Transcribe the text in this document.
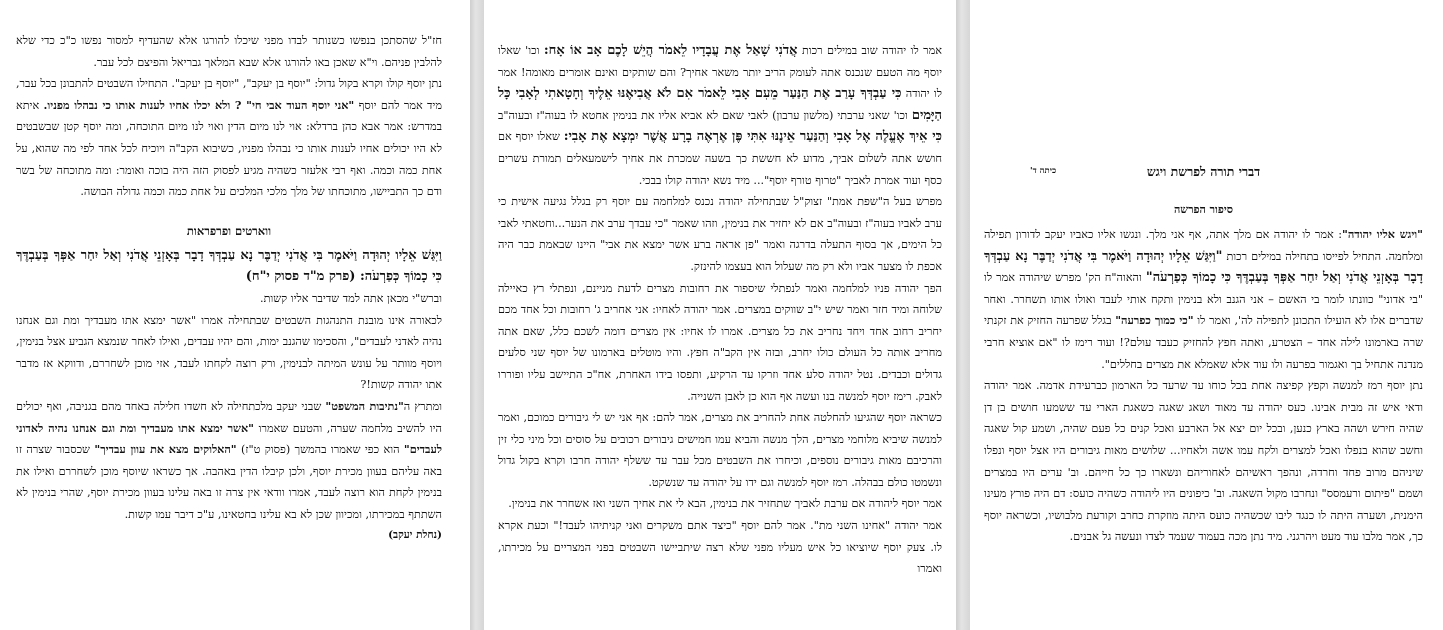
חז"ל שהסתכן בנפשו כשנותר לבדו מפני שיכלו להורגו אלא שהעדיף למסור נפשו כ"כ כדי שלא להלבין פניהם. וי"א שאכן באו להורגו אלא שבא המלאך גבריאל והפיצם לכל עבר.

נתן יוסף קולו וקרא בקול גדול: "יוסף בן יעקב", "יוסף בן יעקב". התחילו השבטים להתבונן בכל עבר, מיד אמר להם יוסף "אני יוסף העוד אבי חי" ? ולא יכלו אחיו לענות אותו כי נבהלו מפניו. איתא במדרש: אמר אבא כהן ברדלא: אוי לנו מיום הדין ואוי לנו מיום התוכחה, ומה יוסף קטן שבשבטים לא היו יכולים אחיו לענות אותו כי נבהלו מפניו, כשיבוא הקב"ה ויוכיח לכל אחד לפי מה שהוא, על אחת כמה וכמה. ואף רבי אלעזר כשהיה מגיע לפסוק הזה היה בוכה ואומר: ומה מתוכחה של בשר ודם כך התביישו, מתוכחתו של מלך מלכי המלכים על אחת כמה וכמה גדולה הבושה.

ווארטים ופרפראות

וַיִּגַּשׁ אֵלָיו יְהוּדָה וַיֹּאמֶר בִּי אֲדֹנִי יְדַבֶּר נָא עַבְדְּךָ דָבָר בְּאָזְנֵי אֲדֹנִי וְאַל יִחַר אַפְּךָ בְּעַבְדֶּךָ כִּי כָמוֹךָ כְּפַרְעֹה: (פרק מ"ד פסוק י"ח)

וברש"י מכאן אתה למד שדיבר אליו קשות.

לכאורה אינו מובנת התנהגות השבטים שבתחילה אמרו "אשר ימצא אתו מעבדיך ומת וגם אנחנו נהיה לאדני לעבדים", והסכימו שהגנב ימות, והם יהיו עבדים, ואילו לאחר שנמצא הגביע אצל בנימין, ויוסף מוותר על עונש המיתה לבנימין, ורק רוצה לקחתו לעבד, אזי מוכן לשחררם, ודווקא אז מדבר אתו יהודה קשות!?

ומתרץ ה"נתיבות המשפט" שבני יעקב מלכתחילה לא חשדו חלילה באחד מהם בגניבה, ואף יכולים היו להשיב מלחמה שערה, והטעם שאמרו "אשר ימצא אתו מעבדיך ומת וגם אנחנו נהיה לאדוני לעבדים" הוא כפי שאמרו בהמשך (פסוק ט"ז) "האלוקים מצא את עוון עבדיך" שכסבור שצרה זו באה עליהם בעוון מכירת יוסף, ולכן קיבלו הדין באהבה. אך כשראו שיוסף מוכן לשחררם ואילו את בנימין לקחת הוא רוצה לעבד, אמרו וודאי אין צרה זו באה עלינו בעוון מכירת יוסף, שהרי בנימין לא השתתף במכירתו, ומכיוון שכן לא בא עלינו בחטאינו, ע"כ דיבר עמו קשות.

(נחלת יעקב)

אמר לו יהודה שוב במילים רכות אֲדֹנִי שָׁאַל אֶת עֲבָדָיו לֵאמֹר הֲיֵשׁ לָכֶם אָב אוֹ אָח: וכו' שאלו יוסף מה הטעם שנכנס אתה לעומק הריב יותר משאר אחיך? והם שותקים ואינם אומרים מאומה! אמר לו יהודה כִּי עַבְדְּךָ עָרַב אֶת הַנַּעַר מֵעִם אָבִי לֵאמֹר אִם לֹא אֲבִיאֶנּוּ אֵלֶיךָ וְחָטָאתִי לְאָבִי כָּל הַיָּמִים וכו' שאני ערבתי (מלשון ערבון) לאבי שאם לא אביא אליו את בנימין אחטא לו בעוה"ז ובעוה"ב כִּי אֵיךְ אֶעֱלֶה אֶל אָבִי וְהַנַּעַר אֵינֶנּוּ אִתִּי פֶּן אֶרְאֶה בָרָע אֲשֶׁר יִמְצָא אֶת אָבִי: שאלו יוסף אם חושש אתה לשלום אביך, מדוע לא חששת כך בשעה שמכרת את אחיך לישמעאלים תמורת עשרים כסף ועוד אמרת לאביך "טרוף טורף יוסף"... מיד נשא יהודה קולו בבכי.

מפרש בעל ה"שפת אמת" זצוק"ל שבתחילה יהודה נכנס למלחמה עם יוסף רק בגלל נגיעה אישית כי ערב לאביו בעוה"ז ובעוה"ב אם לא יחזיר את בנימין, וזהו שאמר "כי עבדך ערב את הנער...וחטאתי לאבי כל הימים, אך בסוף התעלה בדרגה ואמר "פן אראה ברע אשר ימצא את אבי" היינו שבאמת כבר היה אכפת לו מצער אביו ולא רק מה שעלול הוא בעצמו להינזק.

הפך יהודה פניו למלחמה ואמר לנפתלי שיספור את רחובות מצרים לדעת מניינם, ונפתלי רץ כאיילה שלוחה ומיד חזר ואמר שיש י"ב שווקים במצרים. אמר יהודה לאחיו: אני אחריב ג' רחובות וכל אחד מכם יחריב רחוב אחד ויחד נחריב את כל מצרים. אמרו לו אחיו: אין מצרים דומה לשכם כלל, שאם אתה מחריב אותה כל העולם כולו יחרב, ובזה אין הקב"ה חפץ. והיו מוטלים בארמונו של יוסף שני סלעים גדולים וכבדים. נטל יהודה סלע אחד וזרקו עד הרקיע, ותפסו בידו האחרת, אח"כ התיישב עליו ופוררו לאבק. רימז יוסף למנשה בנו ועשה אף הוא כן לאבן השנייה.

כשראה יוסף שהגיעו להחלטה אחת להחריב את מצרים, אמר להם: אף אני יש לי גיבורים כמוכם, ואמר למנשה שיביא מלוחמי מצרים, הלך מנשה והביא עמו חמישים גיבורים רכובים על סוסים וכל מיני כלי זין והרכיבם מאות גיבורים נוספים, וכיחרו את השבטים מכל עבר עד ששלף יהודה חרבו וקרא בקול גדול ונשמטו כולם בבהלה. רמז יוסף למנשה וגם ידו על יהודה עד שנשקט.

אמר יוסף ליהודה אם ערבת לאביך שתחזיר את בנימין, הבא לי את אחיך השני ואז אשחרר את בנימין.

אמר יהודה "אחינו השני מת". אמר להם יוסף "כיצד אתם משקרים ואני קניתיהו לעבד!" וכעת אקרא לו. צעק יוסף שיוציאו כל איש מעליו מפני שלא רצה שיתביישו השבטים בפני המצריים על מכירתו, ואמרו

דברי תורה לפרשת ויגש
כיתה ד'
סיפור הפרשה

"ויגש אליו יהודה": אמר לו יהודה אם מלך אתה, אף אני מלך. ונגשו אליו כאביו יעקב לדורון תפילה ומלחמה. התחיל לפייסו בתחילה במילים רכות "וַיִּגַּשׁ אֵלָיו יְהוּדָה וַיֹּאמֶר בִּי אֲדֹנִי יְדַבֶּר נָא עַבְדְּךָ דָבָר בְּאָזְנֵי אֲדֹנִי וְאַל יִחַר אַפְּךָ בְּעַבְדֶּךָ כִּי כָמוֹךָ כְּפַרְעֹה" והאוה"ח הק' מפרש שיהודה אמר לו "בי אדוני" כוונתו לומר בי האשם – אני הגנב ולא בנימין ותקח אותי לעבד ואולו אותו תשחרר. ואחר שדברים אלו לא הועילו התכונן לתפילה לה', ואמר לו "כי כמוך כפרעה" בגלל שפרעה החזיק את זקנתי שרה בארמונו לילה אחד – הצטרע, ואתה חפץ להחזיק כעבד עולם?! ועוד רימז לו "אם אוציא חרבי מנדנה אתחיל בך ואגמור בפרעה ולו עוד אלא שאמלא את מצרים בחללים".

נתן יוסף רמז למנשה וקפץ קפיצה אחת בכל כוחו עד שרעד כל הארמון כברעידת אדמה. אמר יהודה ודאי איש זה מבית אבינו. כעס יהודה עד מאוד ושאג שאגה כשאגת הארי עד ששמעו חושים בן דן שהיה חירש ושהה בארץ כנען, ובכל יום יצא אל הארבע ואכל קנים כל פעם שהיה, ושמע קול שאגה וחשב שהוא בנפלו ואכל למצרים ולקח עמו אשה ולאחיו... שלושים מאות גיבורים היו אצל יוסף ונפלו שיניהם מרוב פחד וחרדה, ונהפך ראשיהם לאחוריהם ונשארו כך כל חייהם. וב' ערים היו במצרים ושמם "פיתום ורעמסס" ונחרבו מקול השאגה. וב' כיפונים היו ליהודה כשהיה כועס: דם היה פורץ מעינו הימנית, ושערה היתה לו כנגד ליבו שכשהיה כועס היתה מוזקרת כחרב וקורעת מלבושיו, וכשראה יוסף כך, אמר מלבו עוד מעט ויהרגני. מיד נתן מכה בעמוד שעמד לצדו ונעשה גל אבנים.
